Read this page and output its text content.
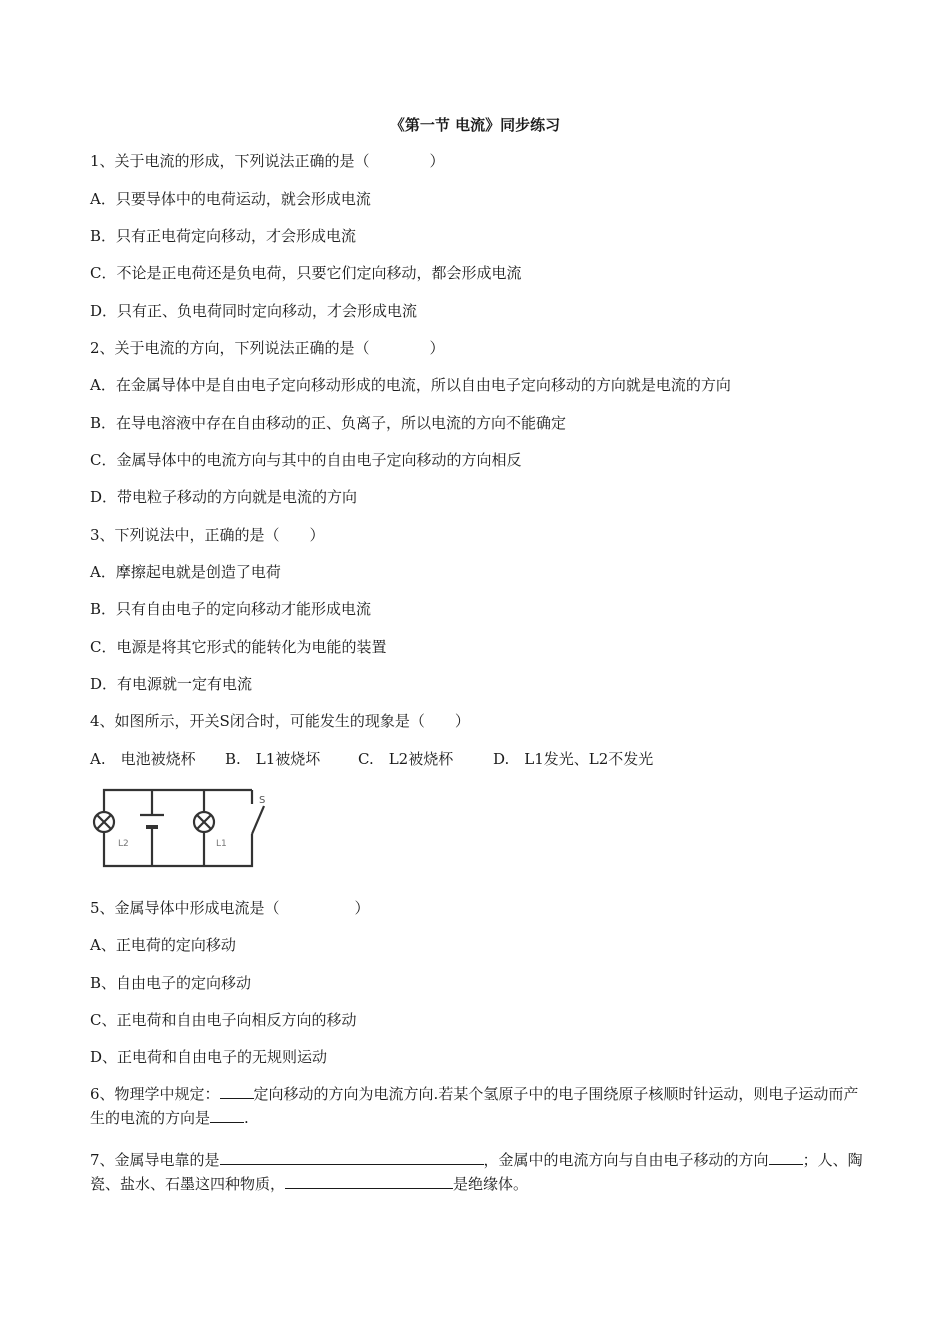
《第一节 电流》同步练习
1、关于电流的形成，下列说法正确的是（　　　　）
A．只要导体中的电荷运动，就会形成电流
B．只有正电荷定向移动，才会形成电流
C．不论是正电荷还是负电荷，只要它们定向移动，都会形成电流
D．只有正、负电荷同时定向移动，才会形成电流
2、关于电流的方向，下列说法正确的是（　　　　）
A．在金属导体中是自由电子定向移动形成的电流，所以自由电子定向移动的方向就是电流的方向
B．在导电溶液中存在自由移动的正、负离子，所以电流的方向不能确定
C．金属导体中的电流方向与其中的自由电子定向移动的方向相反
D．带电粒子移动的方向就是电流的方向
3、下列说法中，正确的是（　　）
A．摩擦起电就是创造了电荷
B．只有自由电子的定向移动才能形成电流
C．电源是将其它形式的能转化为电能的装置
D．有电源就一定有电流
4、如图所示，开关S闭合时，可能发生的现象是（　　）
A.　电池被烧杯 B.　L1被烧坏	C.　L2被烧杯	D.　L1发光、L2不发光
S
L2	L1
5、金属导体中形成电流是（　　　　　）
A、正电荷的定向移动
B、自由电子的定向移动
C、正电荷和自由电子向相反方向的移动
D、正电荷和自由电子的无规则运动
6、物理学中规定： 定向移动的方向为电流方向.若某个氢原子中的电子围绕原子核顺时针运动，则电子运动而产生的电流的方向是 .
7、金属导电靠的是	，金属中的电流方向与自由电子移动的方向 ；人、陶瓷、盐水、石墨这四种物质，	是绝缘体。
